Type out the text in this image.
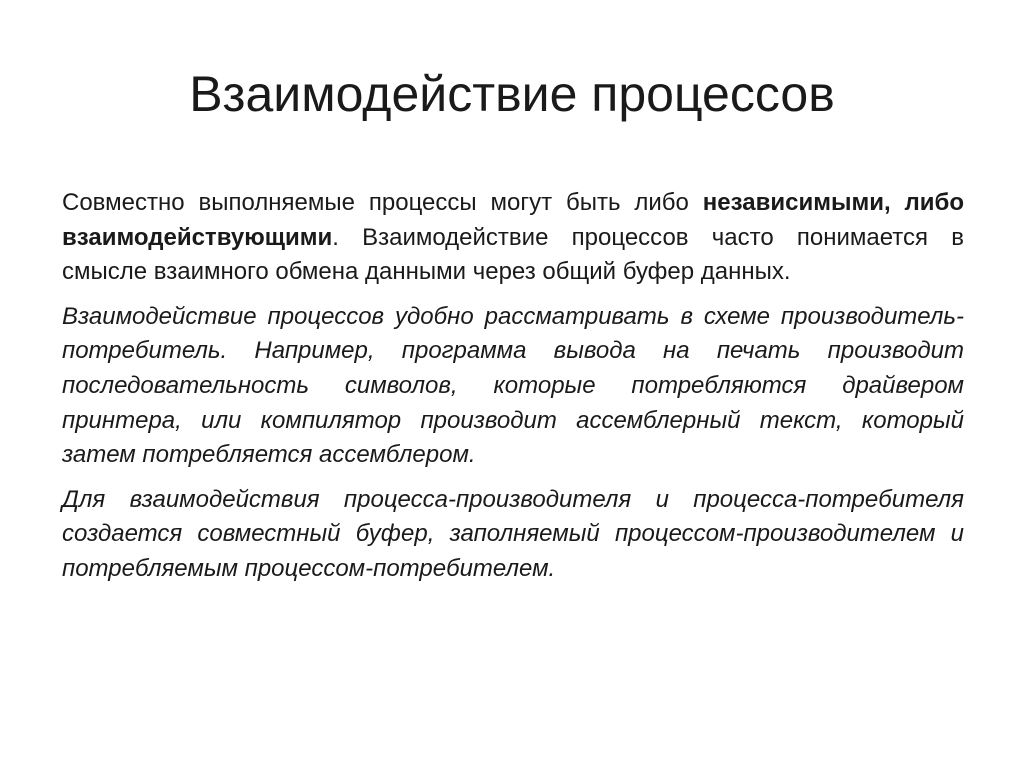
Взаимодействие процессов

Совместно выполняемые процессы могут быть либо независимыми, либо взаимодействующими. Взаимодействие процессов часто понимается в смысле взаимного обмена данными через общий буфер данных.

Взаимодействие процессов удобно рассматривать в схеме производитель-потребитель. Например, программа вывода на печать производит последовательность символов, которые потребляются драйвером принтера, или компилятор производит ассемблерный текст, который затем потребляется ассемблером.

Для взаимодействия процесса-производителя и процесса-потребителя создается совместный буфер, заполняемый процессом-производителем и потребляемым процессом-потребителем.
